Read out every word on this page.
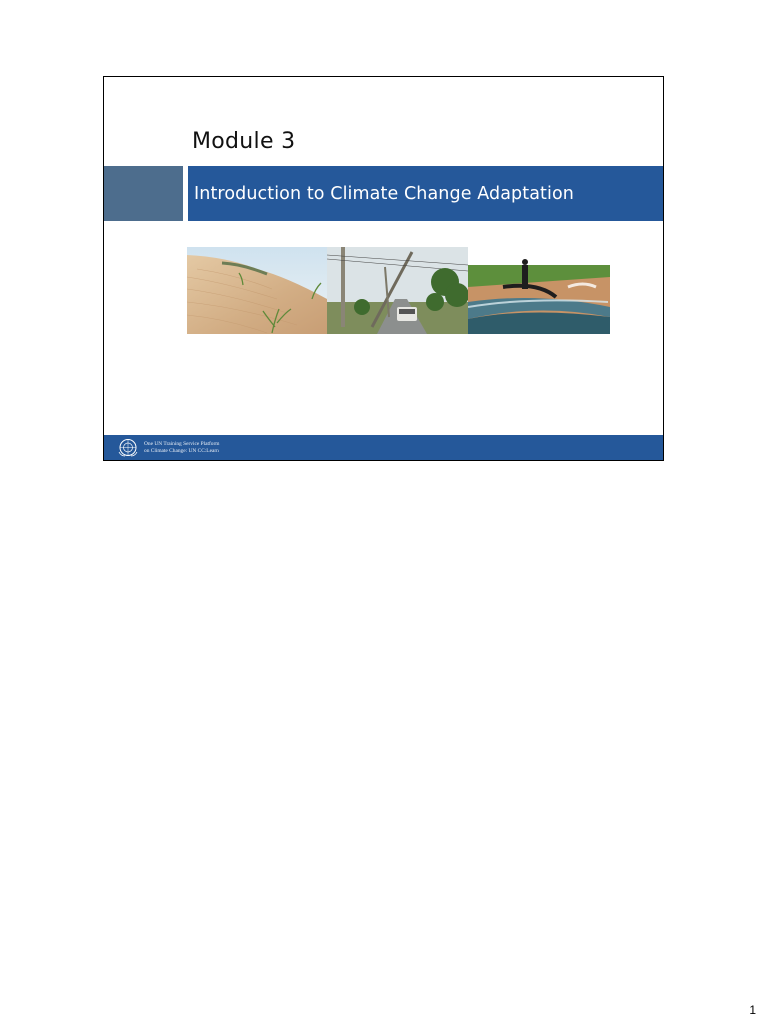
Module 3
Introduction to Climate Change Adaptation
One UN Training Service Platform
on Climate Change: UN CC:Learn
1
